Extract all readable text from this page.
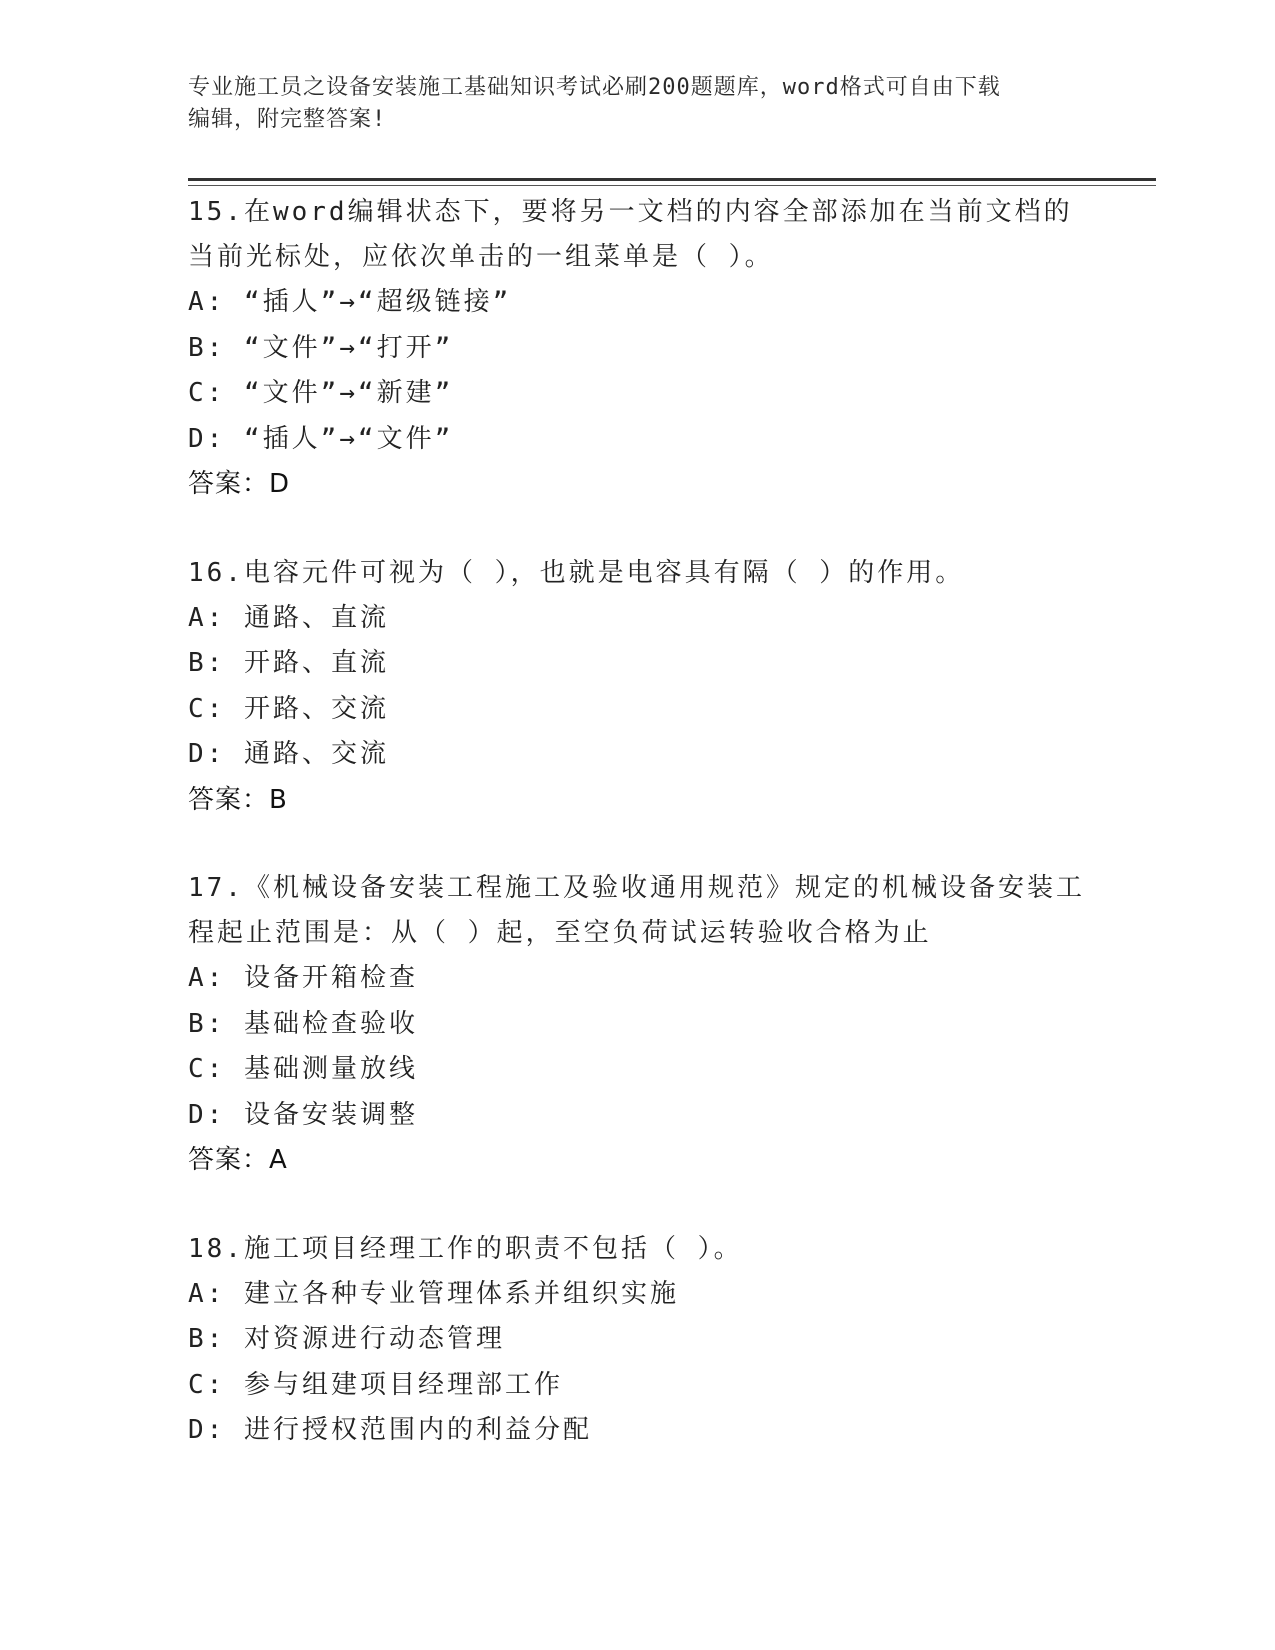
专业施工员之设备安装施工基础知识考试必刷200题题库，word格式可自由下载
编辑，附完整答案!

15.在word编辑状态下，要将另一文档的内容全部添加在当前文档的

当前光标处，应依次单击的一组菜单是（ ）。

A: “插人”→“超级链接”

B: “文件”→“打开”

C: “文件”→“新建”

D: “插人”→“文件”

答案：D

16.电容元件可视为（ ），也就是电容具有隔（ ）的作用。

A: 通路、直流

B: 开路、直流

C: 开路、交流

D: 通路、交流

答案：B

17.《机械设备安装工程施工及验收通用规范》规定的机械设备安装工

程起止范围是：从（ ）起，至空负荷试运转验收合格为止

A: 设备开箱检查

B: 基础检查验收

C: 基础测量放线

D: 设备安装调整

答案：A

18.施工项目经理工作的职责不包括（ ）。

A: 建立各种专业管理体系并组织实施

B: 对资源进行动态管理

C: 参与组建项目经理部工作

D: 进行授权范围内的利益分配
